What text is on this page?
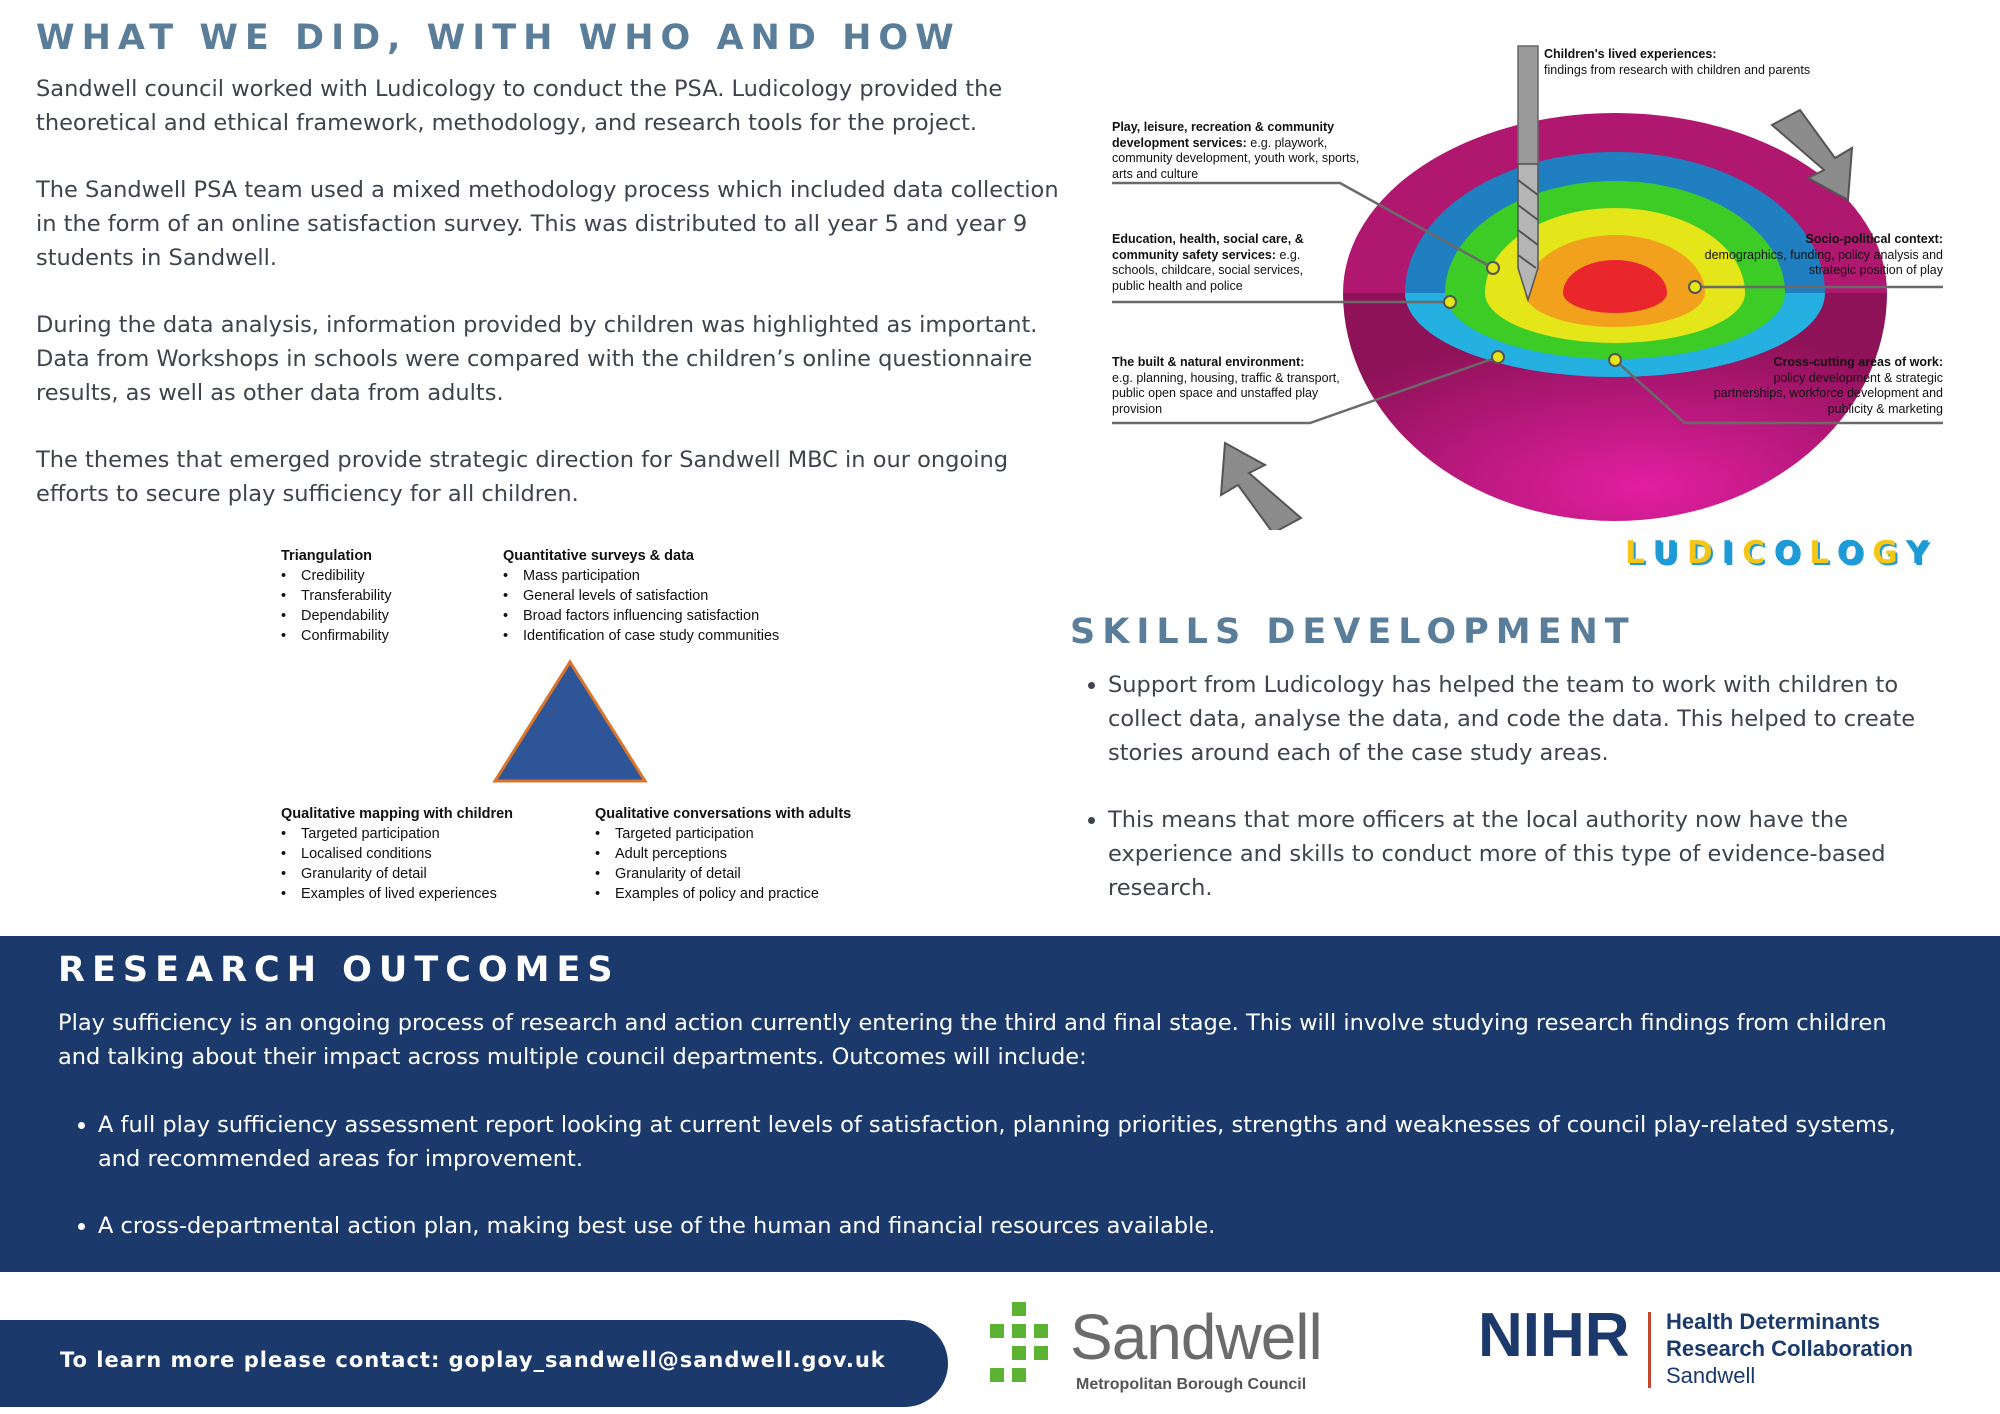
WHAT WE DID, WITH WHO AND HOW

Sandwell council worked with Ludicology to conduct the PSA. Ludicology provided the theoretical and ethical framework, methodology, and research tools for the project.

The Sandwell PSA team used a mixed methodology process which included data collection in the form of an online satisfaction survey. This was distributed to all year 5 and year 9 students in Sandwell.

During the data analysis, information provided by children was highlighted as important. Data from Workshops in schools were compared with the children’s online questionnaire results, as well as other data from adults.

The themes that emerged provide strategic direction for Sandwell MBC in our ongoing efforts to secure play sufficiency for all children.

Triangulation
• Credibility
• Transferability
• Dependability
• Confirmability
Quantitative surveys & data
• Mass participation
• General levels of satisfaction
• Broad factors influencing satisfaction
• Identification of case study communities
Qualitative mapping with children
• Targeted participation
• Localised conditions
• Granularity of detail
• Examples of lived experiences
Qualitative conversations with adults
• Targeted participation
• Adult perceptions
• Granularity of detail
• Examples of policy and practice
Children's lived experiences:
findings from research with children and parents
Play, leisure, recreation & community development services: e.g. playwork, community development, youth work, sports, arts and culture
Education, health, social care, & community safety services: e.g. schools, childcare, social services, public health and police
The built & natural environment:
e.g. planning, housing, traffic & transport, public open space and unstaffed play provision
Socio-political context:
demographics, funding, policy analysis and strategic position of play
Cross-cutting areas of work:
policy development & strategic partnerships, workforce development and publicity & marketing
LUDICOLOGY
SKILLS DEVELOPMENT
• Support from Ludicology has helped the team to work with children to collect data, analyse the data, and code the data. This helped to create stories around each of the case study areas.
• This means that more officers at the local authority now have the experience and skills to conduct more of this type of evidence-based research.
RESEARCH OUTCOMES

Play sufficiency is an ongoing process of research and action currently entering the third and final stage. This will involve studying research findings from children and talking about their impact across multiple council departments. Outcomes will include:

• A full play sufficiency assessment report looking at current levels of satisfaction, planning priorities, strengths and weaknesses of council play-related systems, and recommended areas for improvement.
• A cross-departmental action plan, making best use of the human and financial resources available.
To learn more please contact: goplay_sandwell@sandwell.gov.uk	Sandwell
Metropolitan Borough Council
NIHR Health Determinants
Research Collaboration
Sandwell
